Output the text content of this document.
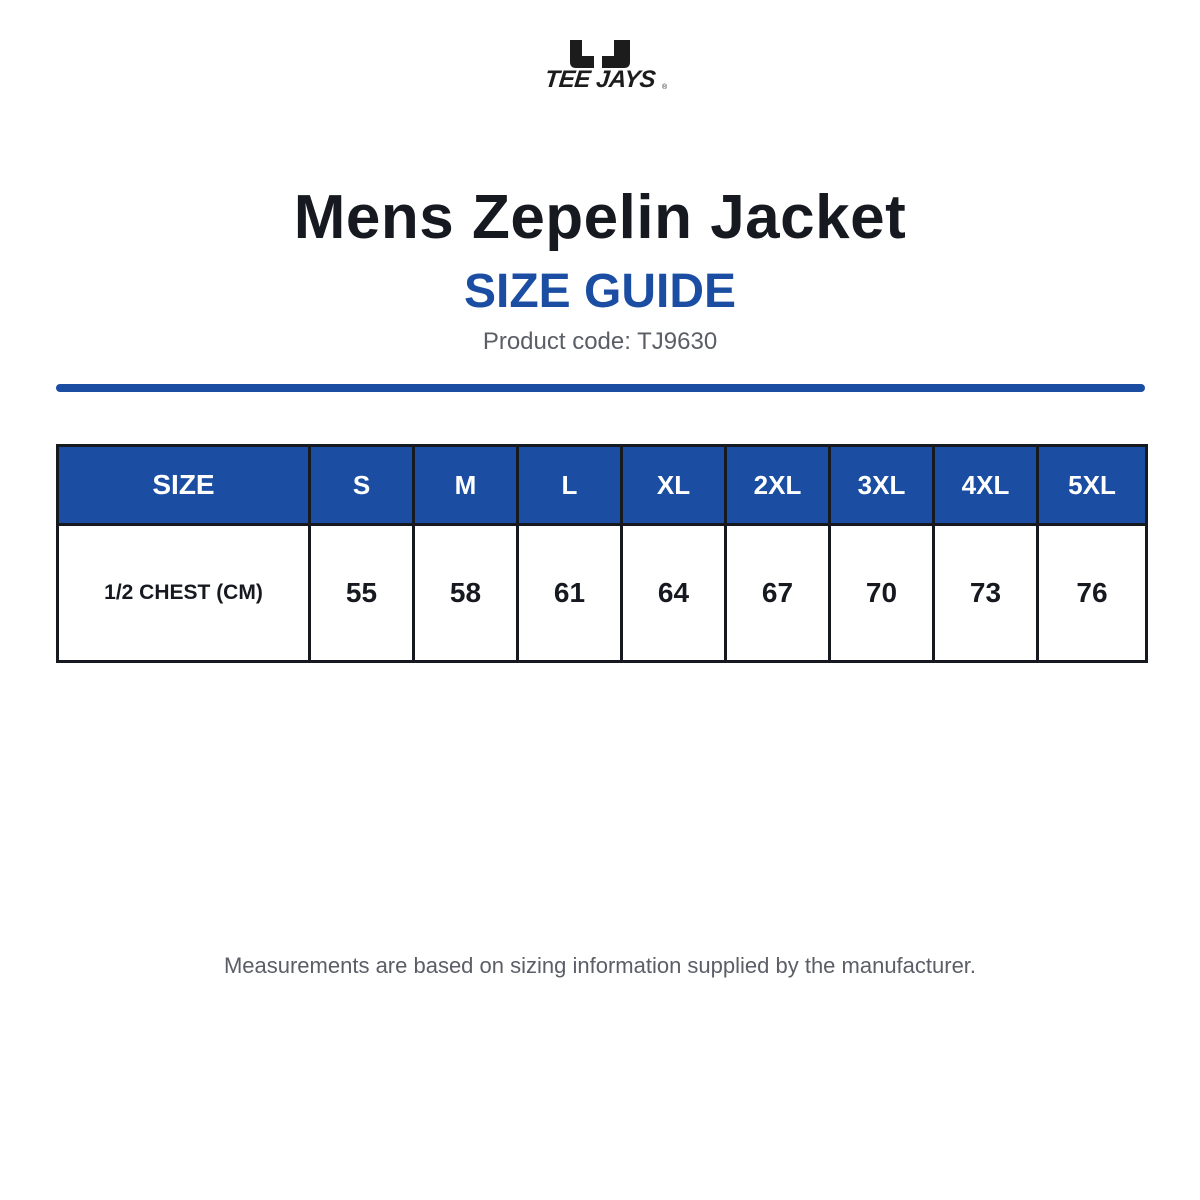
TEE JAYS ®
Mens Zepelin Jacket
SIZE GUIDE
Product code: TJ9630
SIZE	S	M	L	XL	2XL	3XL	4XL	5XL
1/2 CHEST (CM)	55	58	61	64	67	70	73	76
Measurements are based on sizing information supplied by the manufacturer.
